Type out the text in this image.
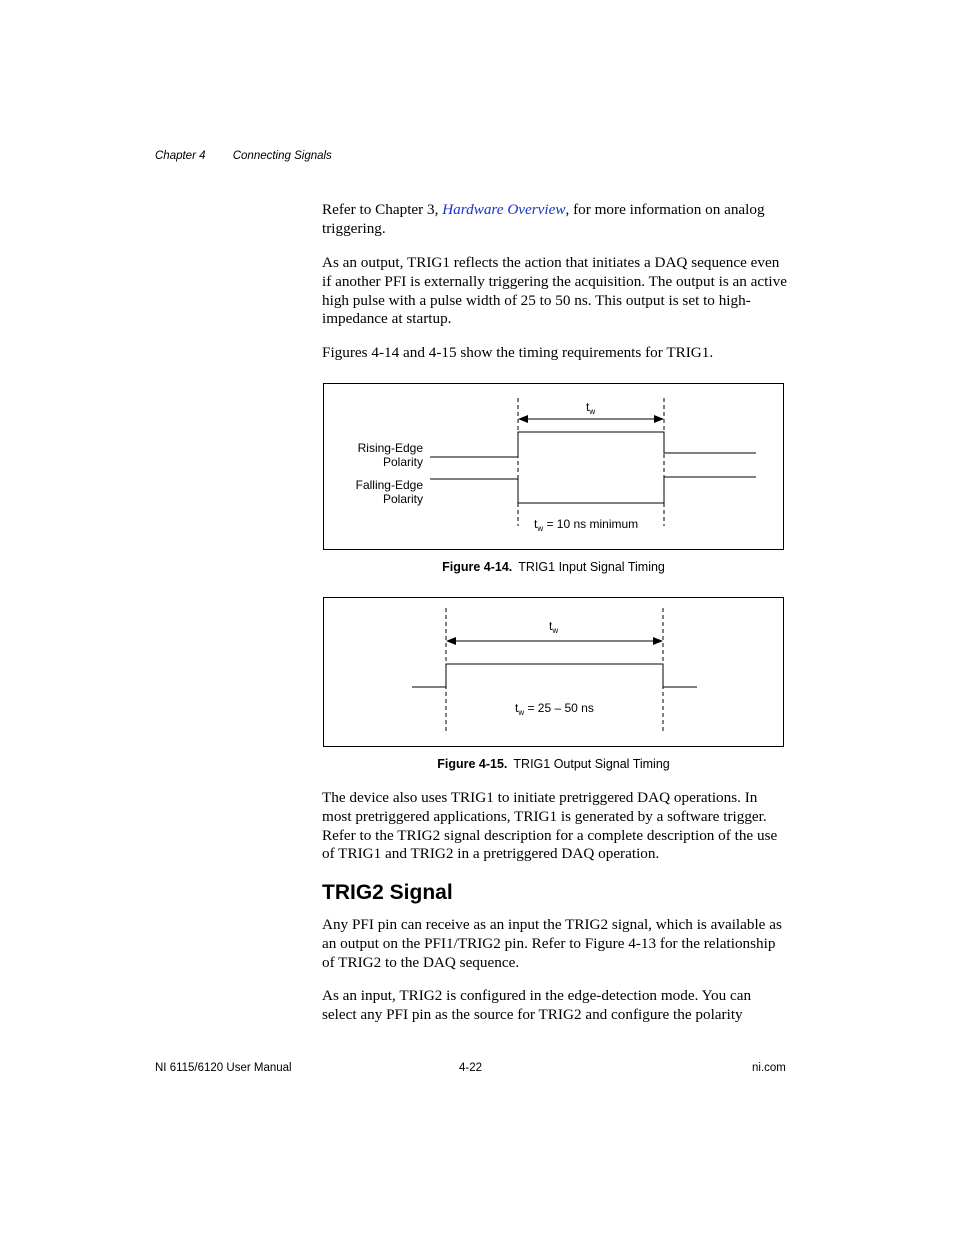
Chapter 4 Connecting Signals

Refer to Chapter 3, Hardware Overview, for more information on analog triggering.

As an output, TRIG1 reflects the action that initiates a DAQ sequence even if another PFI is externally triggering the acquisition. The output is an active high pulse with a pulse width of 25 to 50 ns. This output is set to high-impedance at startup.

Figures 4-14 and 4-15 show the timing requirements for TRIG1.

$t_w$
Rising-Edge
Polarity
Falling-Edge
Polarity
$t_w = 10$ ns minimum
Figure 4-14. TRIG1 Input Signal Timing
$t_w$
$t_w = 25 - 50$ ns
Figure 4-15. TRIG1 Output Signal Timing

The device also uses TRIG1 to initiate pretriggered DAQ operations. In most pretriggered applications, TRIG1 is generated by a software trigger. Refer to the TRIG2 signal description for a complete description of the use of TRIG1 and TRIG2 in a pretriggered DAQ operation.

TRIG2 Signal

Any PFI pin can receive as an input the TRIG2 signal, which is available as an output on the PFI1/TRIG2 pin. Refer to Figure 4-13 for the relationship of TRIG2 to the DAQ sequence.

As an input, TRIG2 is configured in the edge-detection mode. You can select any PFI pin as the source for TRIG2 and configure the polarity

NI 6115/6120 User Manual	4-22	ni.com
